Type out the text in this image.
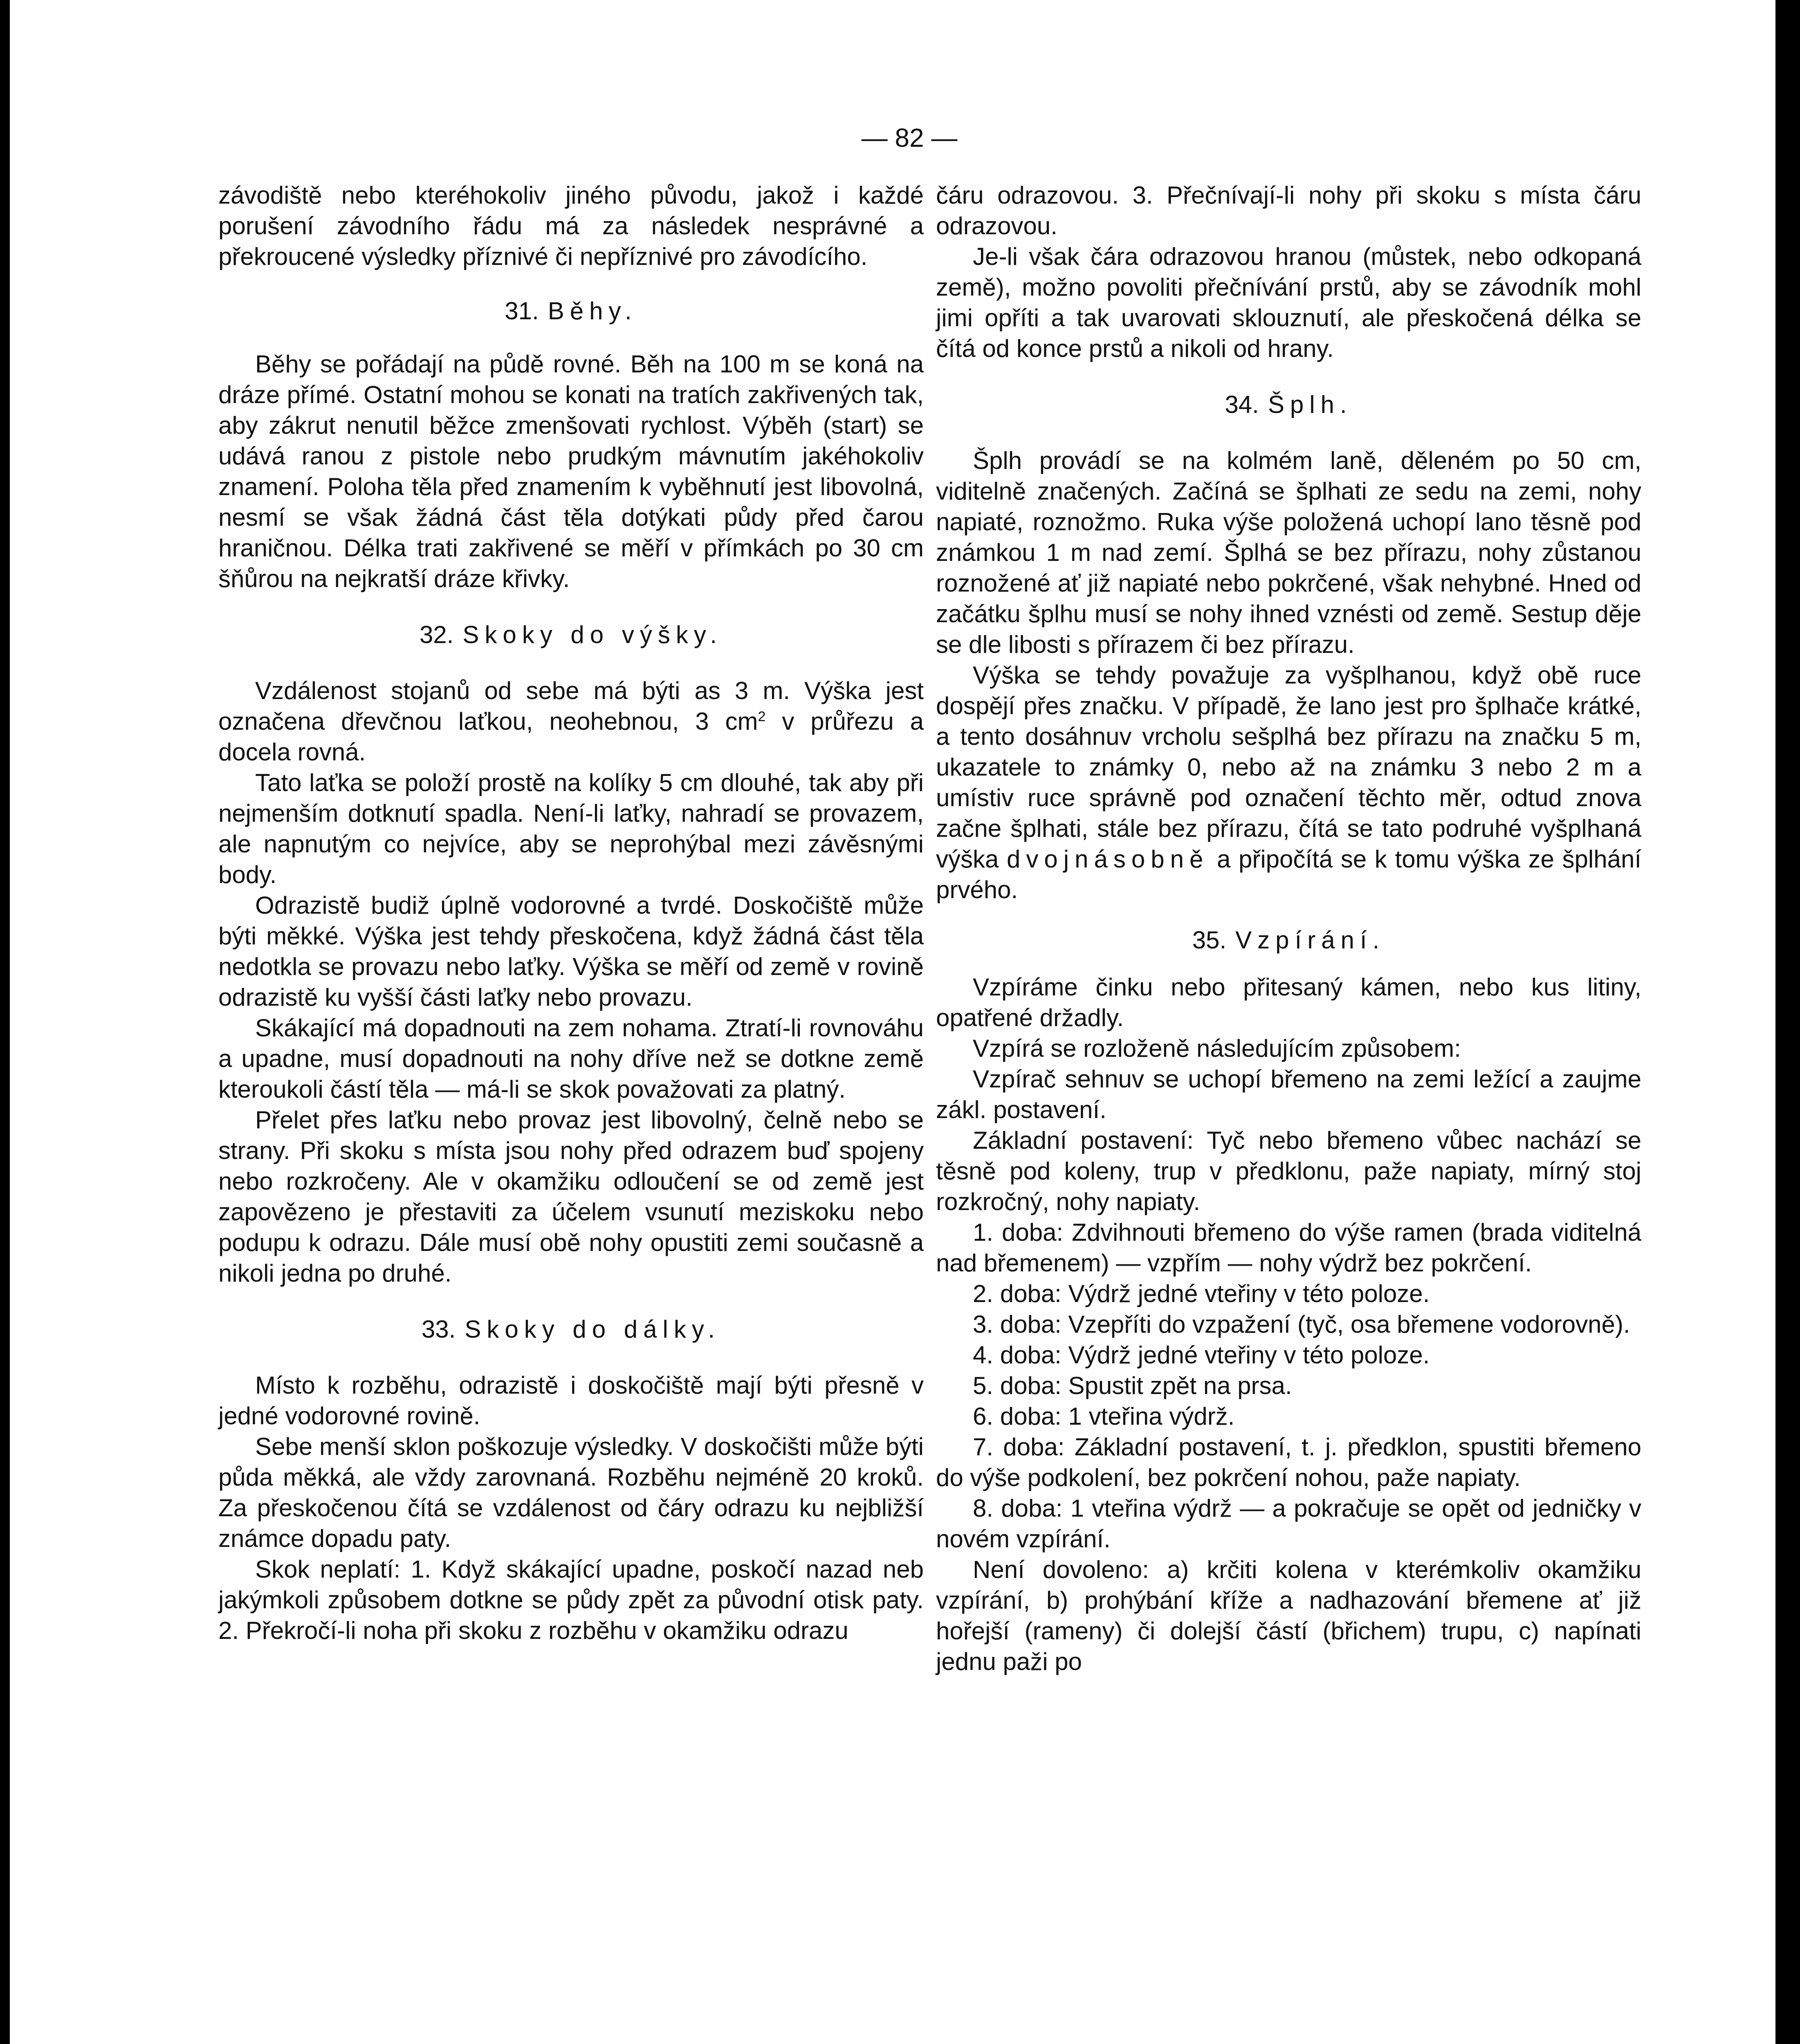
— 82 —

závodiště nebo kteréhokoliv jiného původu, jakož i každé porušení závodního řádu má za následek nesprávné a překroucené výsledky příznivé či nepříznivé pro závodícího.

31. Běhy.

Běhy se pořádají na půdě rovné. Běh na 100 m se koná na dráze přímé. Ostatní mohou se konati na tratích zakřivených tak, aby zákrut nenutil běžce zmenšovati rychlost. Výběh (start) se udává ranou z pistole nebo prudkým mávnutím jakéhokoliv znamení. Poloha těla před znamením k vyběhnutí jest libovolná, nesmí se však žádná část těla dotýkati půdy před čarou hraničnou. Délka trati zakřivené se měří v přímkách po 30 cm šňůrou na nejkratší dráze křivky.

32. Skoky do výšky.

Vzdálenost stojanů od sebe má býti as 3 m. Výška jest označena dřevčnou laťkou, neohebnou, 3 $cm^2$ v průřezu a docela rovná.

Tato laťka se položí prostě na kolíky 5 cm dlouhé, tak aby při nejmenším dotknutí spadla. Není-li laťky, nahradí se provazem, ale napnutým co nejvíce, aby se neprohýbal mezi závěsnými body.

Odrazistě budiž úplně vodorovné a tvrdé. Doskočiště může býti měkké. Výška jest tehdy přeskočena, když žádná část těla nedotkla se provazu nebo laťky. Výška se měří od země v rovině odrazistě ku vyšší části laťky nebo provazu.

Skákající má dopadnouti na zem nohama. Ztratí-li rovnováhu a upadne, musí dopadnouti na nohy dříve než se dotkne země kteroukoli částí těla — má-li se skok považovati za platný.

Přelet přes laťku nebo provaz jest libovolný, čelně nebo se strany. Při skoku s místa jsou nohy před odrazem buď spojeny nebo rozkročeny. Ale v okamžiku odloučení se od země jest zapovězeno je přestaviti za účelem vsunutí meziskoku nebo podupu k odrazu. Dále musí obě nohy opustiti zemi současně a nikoli jedna po druhé.

33. Skoky do dálky.

Místo k rozběhu, odrazistě i doskočiště mají býti přesně v jedné vodorovné rovině.

Sebe menší sklon poškozuje výsledky. V doskočišti může býti půda měkká, ale vždy zarovnaná. Rozběhu nejméně 20 kroků. Za přeskočenou čítá se vzdálenost od čáry odrazu ku nejbližší známce dopadu paty.

Skok neplatí: 1. Když skákající upadne, poskočí nazad neb jakýmkoli způsobem dotkne se půdy zpět za původní otisk paty. 2. Překročí-li noha při skoku z rozběhu v okamžiku odrazu

čáru odrazovou. 3. Přečnívají-li nohy při skoku s místa čáru odrazovou.

Je-li však čára odrazovou hranou (můstek, nebo odkopaná země), možno povoliti přečnívání prstů, aby se závodník mohl jimi opříti a tak uvarovati sklouznutí, ale přeskočená délka se čítá od konce prstů a nikoli od hrany.

34. Šplh.

Šplh provádí se na kolmém laně, děleném po 50 cm, viditelně značených. Začíná se šplhati ze sedu na zemi, nohy napiaté, roznožmo. Ruka výše položená uchopí lano těsně pod známkou 1 m nad zemí. Šplhá se bez přírazu, nohy zůstanou roznožené ať již napiaté nebo pokrčené, však nehybné. Hned od začátku šplhu musí se nohy ihned vznésti od země. Sestup děje se dle libosti s přírazem či bez přírazu.

Výška se tehdy považuje za vyšplhanou, když obě ruce dospějí přes značku. V případě, že lano jest pro šplhače krátké, a tento dosáhnuv vrcholu sešplhá bez přírazu na značku 5 m, ukazatele to známky 0, nebo až na známku 3 nebo 2 m a umístiv ruce správně pod označení těchto měr, odtud znova začne šplhati, stále bez přírazu, čítá se tato podruhé vyšplhaná výška dvojnásobně a připočítá se k tomu výška ze šplhání prvého.

35. Vzpírání.

Vzpíráme činku nebo přitesaný kámen, nebo kus litiny, opatřené držadly.

Vzpírá se rozloženě následujícím způsobem:

Vzpírač sehnuv se uchopí břemeno na zemi ležící a zaujme zákl. postavení.

Základní postavení: Tyč nebo břemeno vůbec nachází se těsně pod koleny, trup v předklonu, paže napiaty, mírný stoj rozkročný, nohy napiaty.

1. doba: Zdvihnouti břemeno do výše ramen (brada viditelná nad břemenem) — vzpřím — nohy výdrž bez pokrčení.

2. doba: Výdrž jedné vteřiny v této poloze.

3. doba: Vzepříti do vzpažení (tyč, osa břemene vodorovně).

4. doba: Výdrž jedné vteřiny v této poloze.

5. doba: Spustit zpět na prsa.

6. doba: 1 vteřina výdrž.

7. doba: Základní postavení, t. j. předklon, spustiti břemeno do výše podkolení, bez pokrčení nohou, paže napiaty.

8. doba: 1 vteřina výdrž — a pokračuje se opět od jedničky v novém vzpírání.

Není dovoleno: a) krčiti kolena v kterémkoliv okamžiku vzpírání, b) prohýbání kříže a nadhazování břemene ať již hořejší (rameny) či dolejší částí (břichem) trupu, c) napínati jednu paži po
